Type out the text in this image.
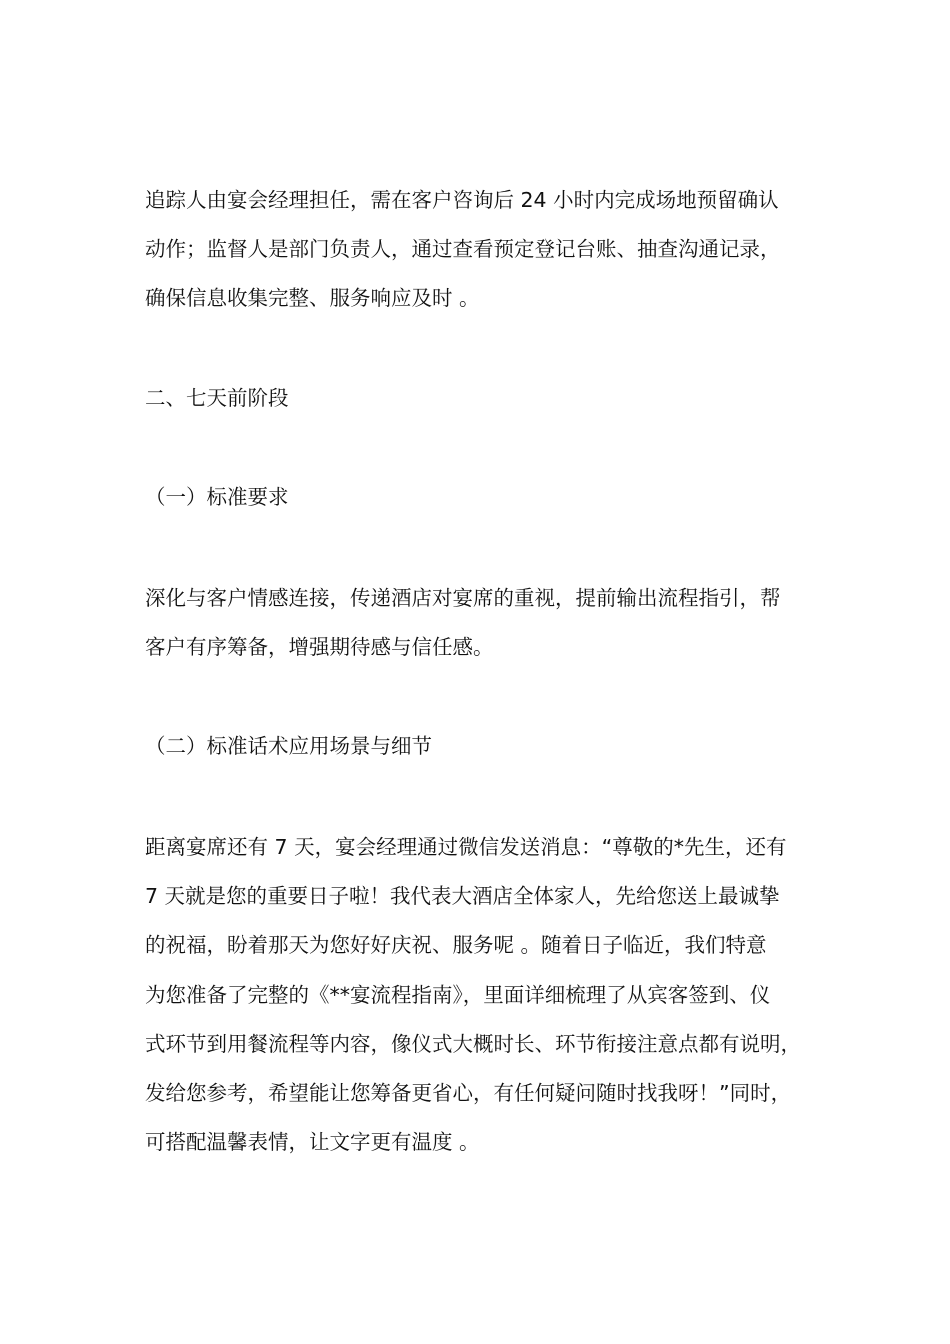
追踪人由宴会经理担任，需在客户咨询后 24 小时内完成场地预留确认
动作；监督人是部门负责人，通过查看预定登记台账、抽查沟通记录，
确保信息收集完整、服务响应及时 。
二、七天前阶段
（一）标准要求
深化与客户情感连接，传递酒店对宴席的重视，提前输出流程指引，帮
客户有序筹备，增强期待感与信任感。
（二）标准话术应用场景与细节
距离宴席还有 7 天，宴会经理通过微信发送消息：“尊敬的*先生，还有
7 天就是您的重要日子啦！我代表大酒店全体家人，先给您送上最诚挚
的祝福，盼着那天为您好好庆祝、服务呢 。随着日子临近，我们特意
为您准备了完整的《**宴流程指南》，里面详细梳理了从宾客签到、仪
式环节到用餐流程等内容，像仪式大概时长、环节衔接注意点都有说明，
发给您参考，希望能让您筹备更省心，有任何疑问随时找我呀！”同时，
可搭配温馨表情，让文字更有温度 。
